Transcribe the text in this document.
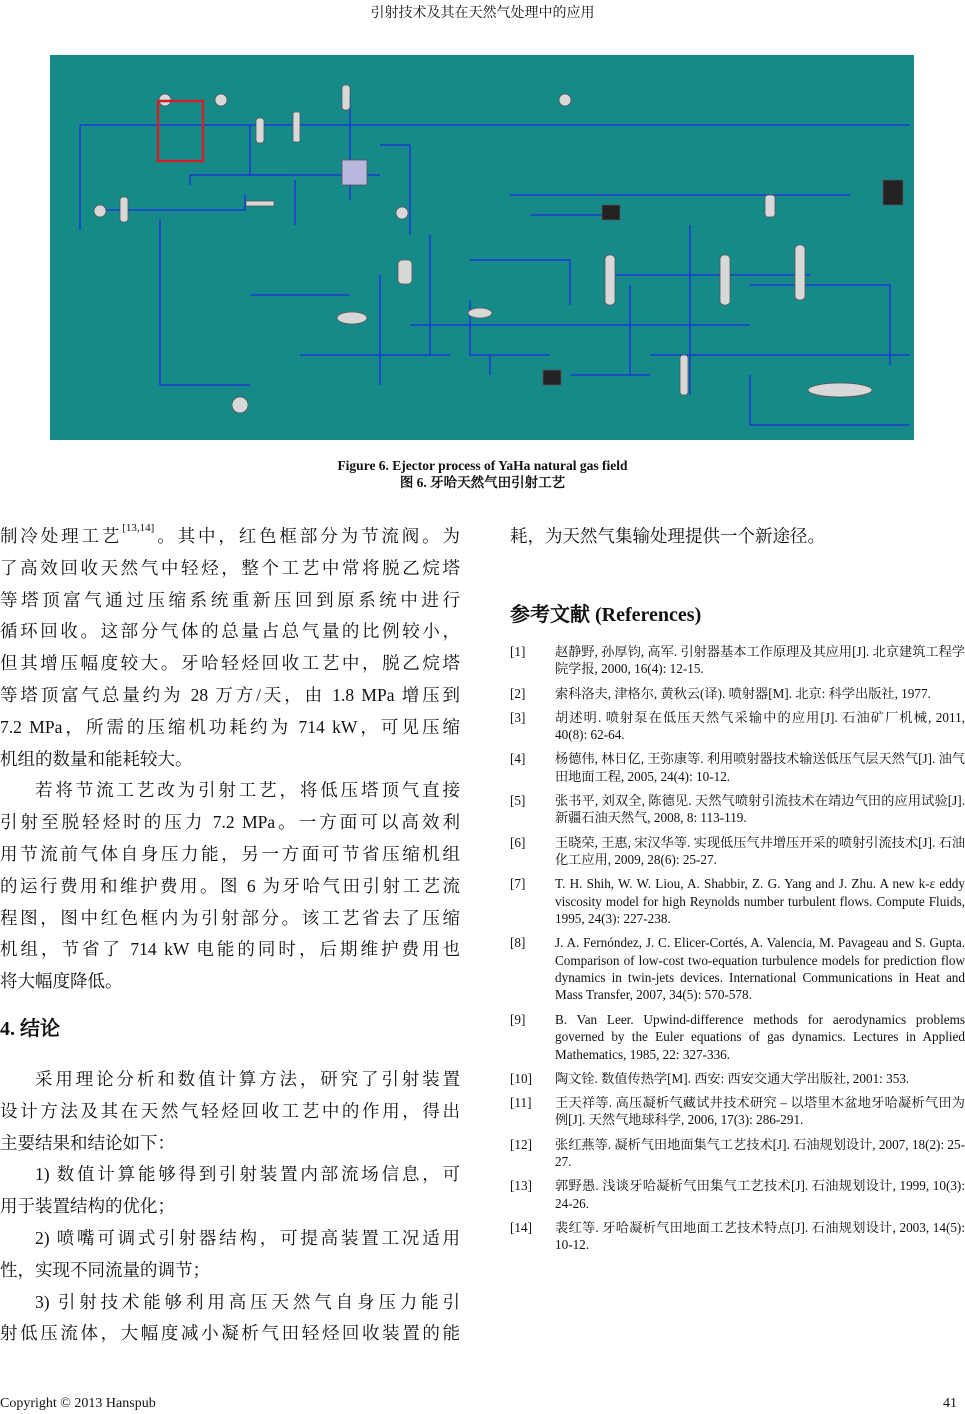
引射技术及其在天然气处理中的应用
Figure 6. Ejector process of YaHa natural gas field
图 6. 牙哈天然气田引射工艺
制冷处理工艺[13,14]。其中，红色框部分为节流阀。为
了高效回收天然气中轻烃，整个工艺中常将脱乙烷塔
等塔顶富气通过压缩系统重新压回到原系统中进行
循环回收。这部分气体的总量占总气量的比例较小，
但其增压幅度较大。牙哈轻烃回收工艺中，脱乙烷塔
等塔顶富气总量约为 28 万方/天，由 1.8 MPa 增压到
7.2 MPa，所需的压缩机功耗约为 714 kW，可见压缩
机组的数量和能耗较大。
若将节流工艺改为引射工艺，将低压塔顶气直接
引射至脱轻烃时的压力 7.2 MPa。一方面可以高效利
用节流前气体自身压力能，另一方面可节省压缩机组
的运行费用和维护费用。图 6 为牙哈气田引射工艺流
程图，图中红色框内为引射部分。该工艺省去了压缩
机组，节省了 714 kW 电能的同时，后期维护费用也
将大幅度降低。
4. 结论
采用理论分析和数值计算方法，研究了引射装置
设计方法及其在天然气轻烃回收工艺中的作用，得出
主要结果和结论如下：
1) 数值计算能够得到引射装置内部流场信息，可
用于装置结构的优化；
2) 喷嘴可调式引射器结构，可提高装置工况适用
性，实现不同流量的调节；
3) 引射技术能够利用高压天然气自身压力能引
射低压流体，大幅度减小凝析气田轻烃回收装置的能
耗，为天然气集输处理提供一个新途径。
参考文献 (References)
[1]	赵静野, 孙厚钧, 高军. 引射器基本工作原理及其应用[J]. 北京建筑工程学院学报, 2000, 16(4): 12-15.
[2]	索科洛夫, 津格尔, 黄秋云(译). 喷射器[M]. 北京: 科学出版社, 1977.
[3]	胡述明. 喷射泵在低压天然气采输中的应用[J]. 石油矿厂机械, 2011, 40(8): 62-64.
[4]	杨德伟, 林日亿, 王弥康等. 利用喷射器技术输送低压气层天然气[J]. 油气田地面工程, 2005, 24(4): 10-12.
[5]	张书平, 刘双全, 陈德见. 天然气喷射引流技术在靖边气田的应用试验[J]. 新疆石油天然气, 2008, 8: 113-119.
[6]	王晓荣, 王惠, 宋汉华等. 实现低压气井增压开采的喷射引流技术[J]. 石油化工应用, 2009, 28(6): 25-27.
[7]	T. H. Shih, W. W. Liou, A. Shabbir, Z. G. Yang and J. Zhu. A new k-ε eddy viscosity model for high Reynolds number turbulent flows. Compute Fluids, 1995, 24(3): 227-238.
[8]	J. A. Fernóndez, J. C. Elicer-Cortés, A. Valencia, M. Pavageau and S. Gupta. Comparison of low-cost two-equation turbulence models for prediction flow dynamics in twin-jets devices. International Communications in Heat and Mass Transfer, 2007, 34(5): 570-578.
[9]	B. Van Leer. Upwind-difference methods for aerodynamics problems governed by the Euler equations of gas dynamics. Lectures in Applied Mathematics, 1985, 22: 327-336.
[10]	陶文铨. 数值传热学[M]. 西安: 西安交通大学出版社, 2001: 353.
[11]	王天祥等. 高压凝析气藏试井技术研究 – 以塔里木盆地牙哈凝析气田为例[J]. 天然气地球科学, 2006, 17(3): 286-291.
[12]	张红燕等. 凝析气田地面集气工艺技术[J]. 石油规划设计, 2007, 18(2): 25-27.
[13]	郭野愚. 浅谈牙哈凝析气田集气工艺技术[J]. 石油规划设计, 1999, 10(3): 24-26.
[14]	裴红等. 牙哈凝析气田地面工艺技术特点[J]. 石油规划设计, 2003, 14(5): 10-12.
Copyright © 2013 Hanspub	41
